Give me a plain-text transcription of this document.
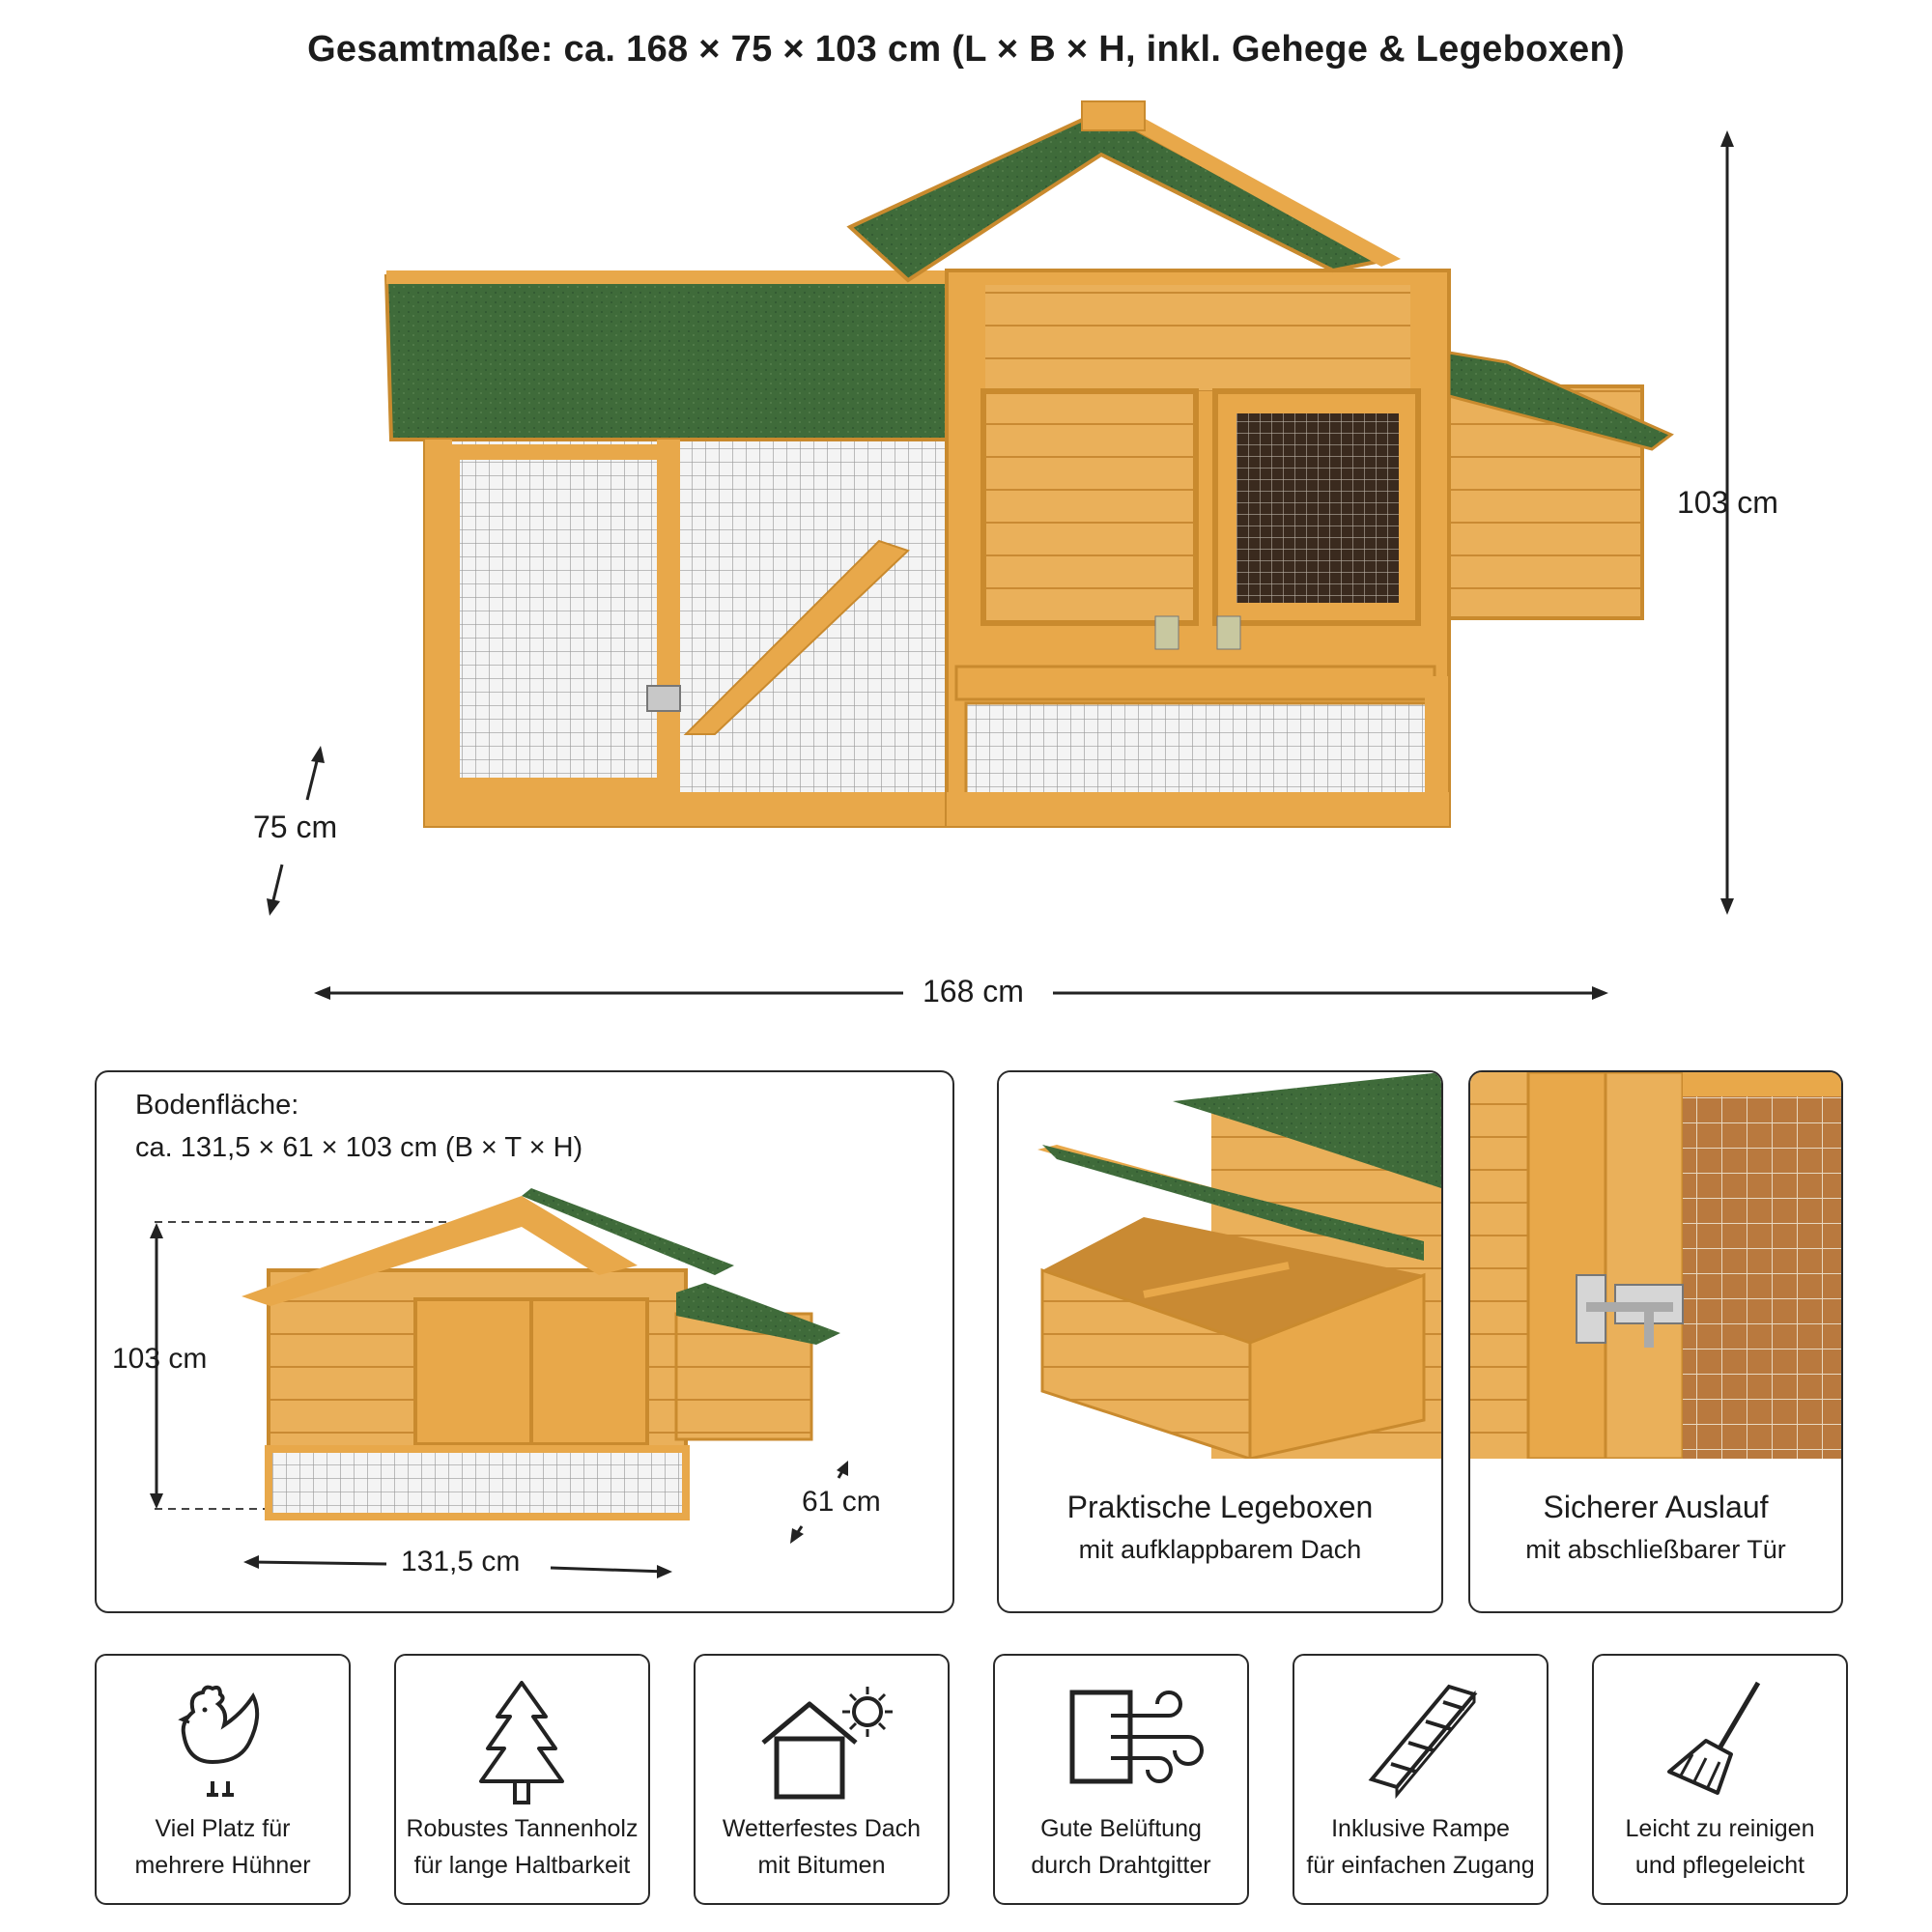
Gesamtmaße: ca. 168 × 75 × 103 cm (L × B × H, inkl. Gehege & Legeboxen)
103 cm
75 cm
168 cm
Bodenfläche:
ca. 131,5 × 61 × 103 cm (B × T × H)
103 cm
61 cm
131,5 cm
Praktische Legeboxen
mit aufklappbarem Dach
Sicherer Auslauf
mit abschließbarer Tür
Viel Platz für
mehrere Hühner
Robustes Tannenholz
für lange Haltbarkeit
Wetterfestes Dach
mit Bitumen
Gute Belüftung
durch Drahtgitter
Inklusive Rampe
für einfachen Zugang
Leicht zu reinigen
und pflegeleicht
